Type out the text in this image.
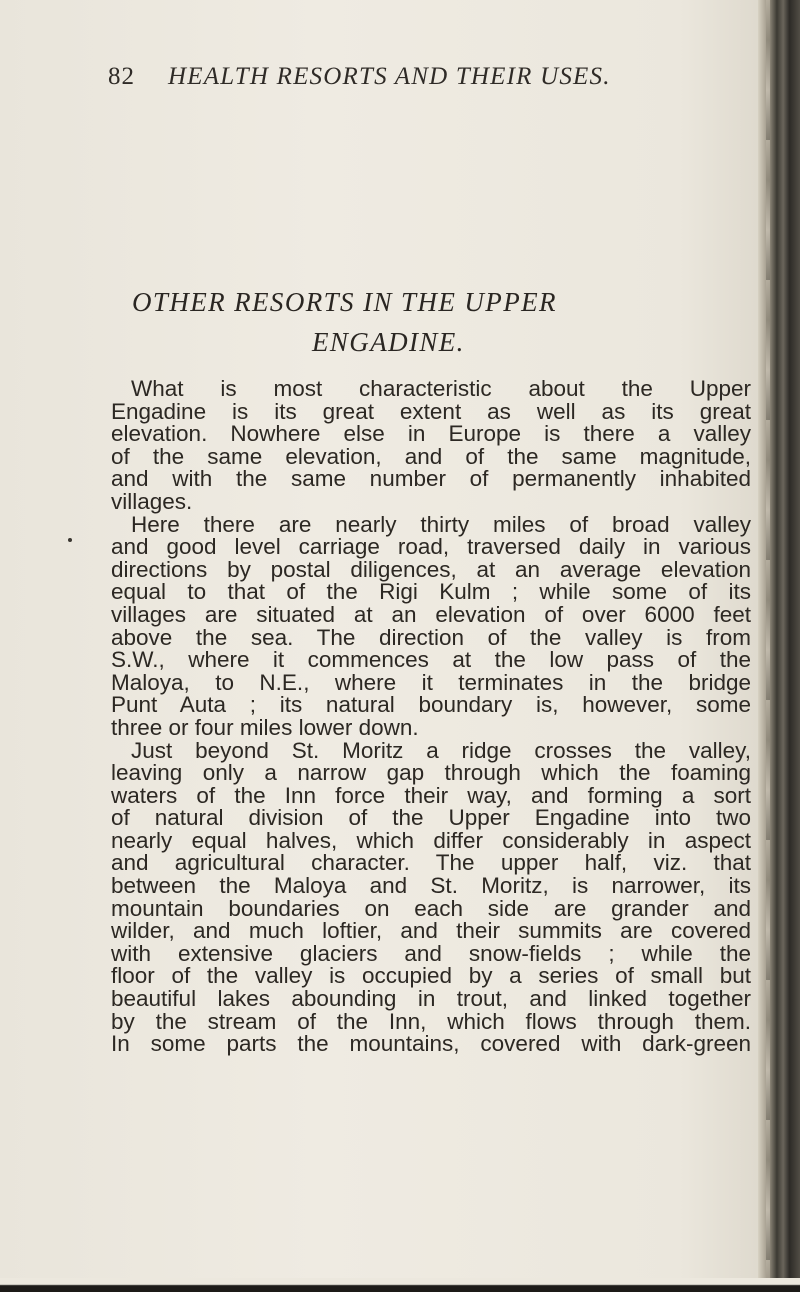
82 HEALTH RESORTS AND THEIR USES.
OTHER RESORTS IN THE UPPER
ENGADINE.
What is most characteristic about the Upper
Engadine is its great extent as well as its great
elevation. Nowhere else in Europe is there a valley
of the same elevation, and of the same magnitude,
and with the same number of permanently inhabited
villages.
Here there are nearly thirty miles of broad valley
and good level carriage road, traversed daily in various
directions by postal diligences, at an average elevation
equal to that of the Rigi Kulm ; while some of its
villages are situated at an elevation of over 6000 feet
above the sea. The direction of the valley is from
S.W., where it commences at the low pass of the
Maloya, to N.E., where it terminates in the bridge
Punt Auta ; its natural boundary is, however, some
three or four miles lower down.
Just beyond St. Moritz a ridge crosses the valley,
leaving only a narrow gap through which the foaming
waters of the Inn force their way, and forming a sort
of natural division of the Upper Engadine into two
nearly equal halves, which differ considerably in aspect
and agricultural character. The upper half, viz. that
between the Maloya and St. Moritz, is narrower, its
mountain boundaries on each side are grander and
wilder, and much loftier, and their summits are covered
with extensive glaciers and snow-fields ; while the
floor of the valley is occupied by a series of small but
beautiful lakes abounding in trout, and linked together
by the stream of the Inn, which flows through them.
In some parts the mountains, covered with dark-green
